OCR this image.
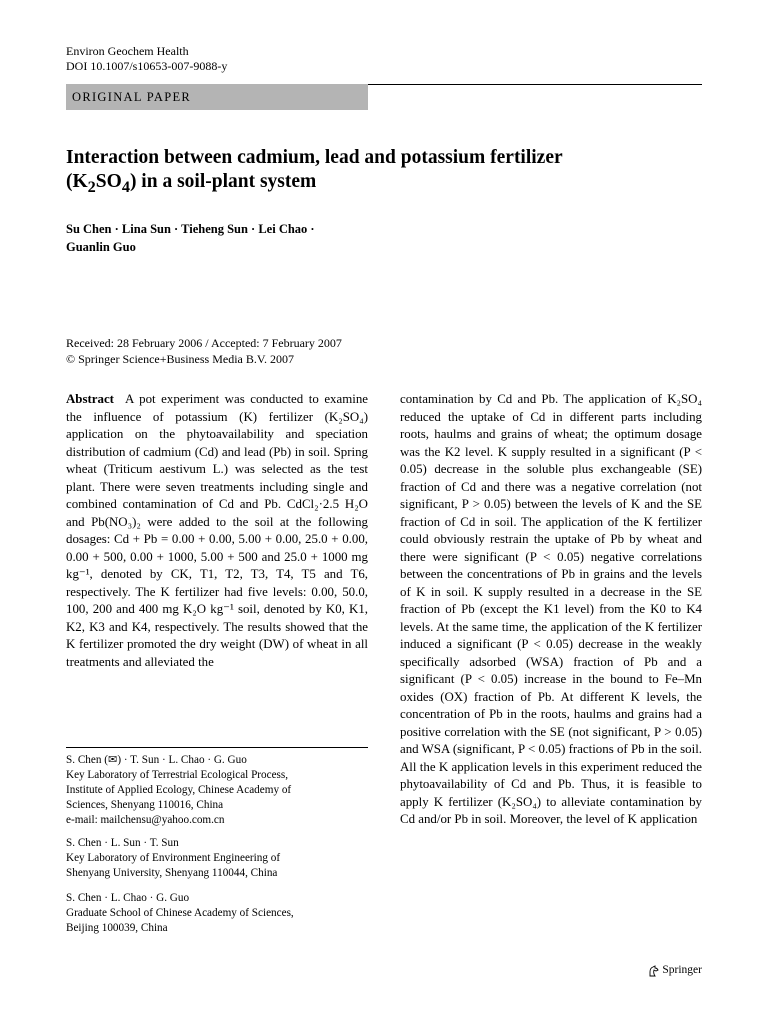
Environ Geochem Health
DOI 10.1007/s10653-007-9088-y
ORIGINAL PAPER
Interaction between cadmium, lead and potassium fertilizer
$(K_2SO_4)$ in a soil-plant system
Su Chen · Lina Sun · Tieheng Sun · Lei Chao ·
Guanlin Guo
Received: 28 February 2006 / Accepted: 7 February 2007
© Springer Science+Business Media B.V. 2007
Abstract A pot experiment was conducted to examine the influence of potassium (K) fertilizer (K₂SO₄) application on the phytoavailability and speciation distribution of cadmium (Cd) and lead (Pb) in soil. Spring wheat (Triticum aestivum L.) was selected as the test plant. There were seven treatments including single and combined contamination of Cd and Pb. CdCl₂·2.5 H₂O and Pb(NO₃)₂ were added to the soil at the following dosages: Cd + Pb = 0.00 + 0.00, 5.00 + 0.00, 25.0 + 0.00, 0.00 + 500, 0.00 + 1000, 5.00 + 500 and 25.0 + 1000 mg kg⁻¹, denoted by CK, T1, T2, T3, T4, T5 and T6, respectively. The K fertilizer had five levels: 0.00, 50.0, 100, 200 and 400 mg K₂O kg⁻¹ soil, denoted by K0, K1, K2, K3 and K4, respectively. The results showed that the K fertilizer promoted the dry weight (DW) of wheat in all treatments and alleviated the
contamination by Cd and Pb. The application of K₂SO₄ reduced the uptake of Cd in different parts including roots, haulms and grains of wheat; the optimum dosage was the K2 level. K supply resulted in a significant (P < 0.05) decrease in the soluble plus exchangeable (SE) fraction of Cd and there was a negative correlation (not significant, P > 0.05) between the levels of K and the SE fraction of Cd in soil. The application of the K fertilizer could obviously restrain the uptake of Pb by wheat and there were significant (P < 0.05) negative correlations between the concentrations of Pb in grains and the levels of K in soil. K supply resulted in a decrease in the SE fraction of Pb (except the K1 level) from the K0 to K4 levels. At the same time, the application of the K fertilizer induced a significant (P < 0.05) decrease in the weakly specifically adsorbed (WSA) fraction of Pb and a significant (P < 0.05) increase in the bound to Fe–Mn oxides (OX) fraction of Pb. At different K levels, the concentration of Pb in the roots, haulms and grains had a positive correlation with the SE (not significant, P > 0.05) and WSA (significant, P < 0.05) fractions of Pb in the soil. All the K application levels in this experiment reduced the phytoavailability of Cd and Pb. Thus, it is feasible to apply K fertilizer (K₂SO₄) to alleviate contamination by Cd and/or Pb in soil. Moreover, the level of K application
S. Chen (✉) · T. Sun · L. Chao · G. Guo
Key Laboratory of Terrestrial Ecological Process,
Institute of Applied Ecology, Chinese Academy of
Sciences, Shenyang 110016, China
e-mail: mailchensu@yahoo.com.cn
S. Chen · L. Sun · T. Sun
Key Laboratory of Environment Engineering of
Shenyang University, Shenyang 110044, China
S. Chen · L. Chao · G. Guo
Graduate School of Chinese Academy of Sciences,
Beijing 100039, China
Springer
